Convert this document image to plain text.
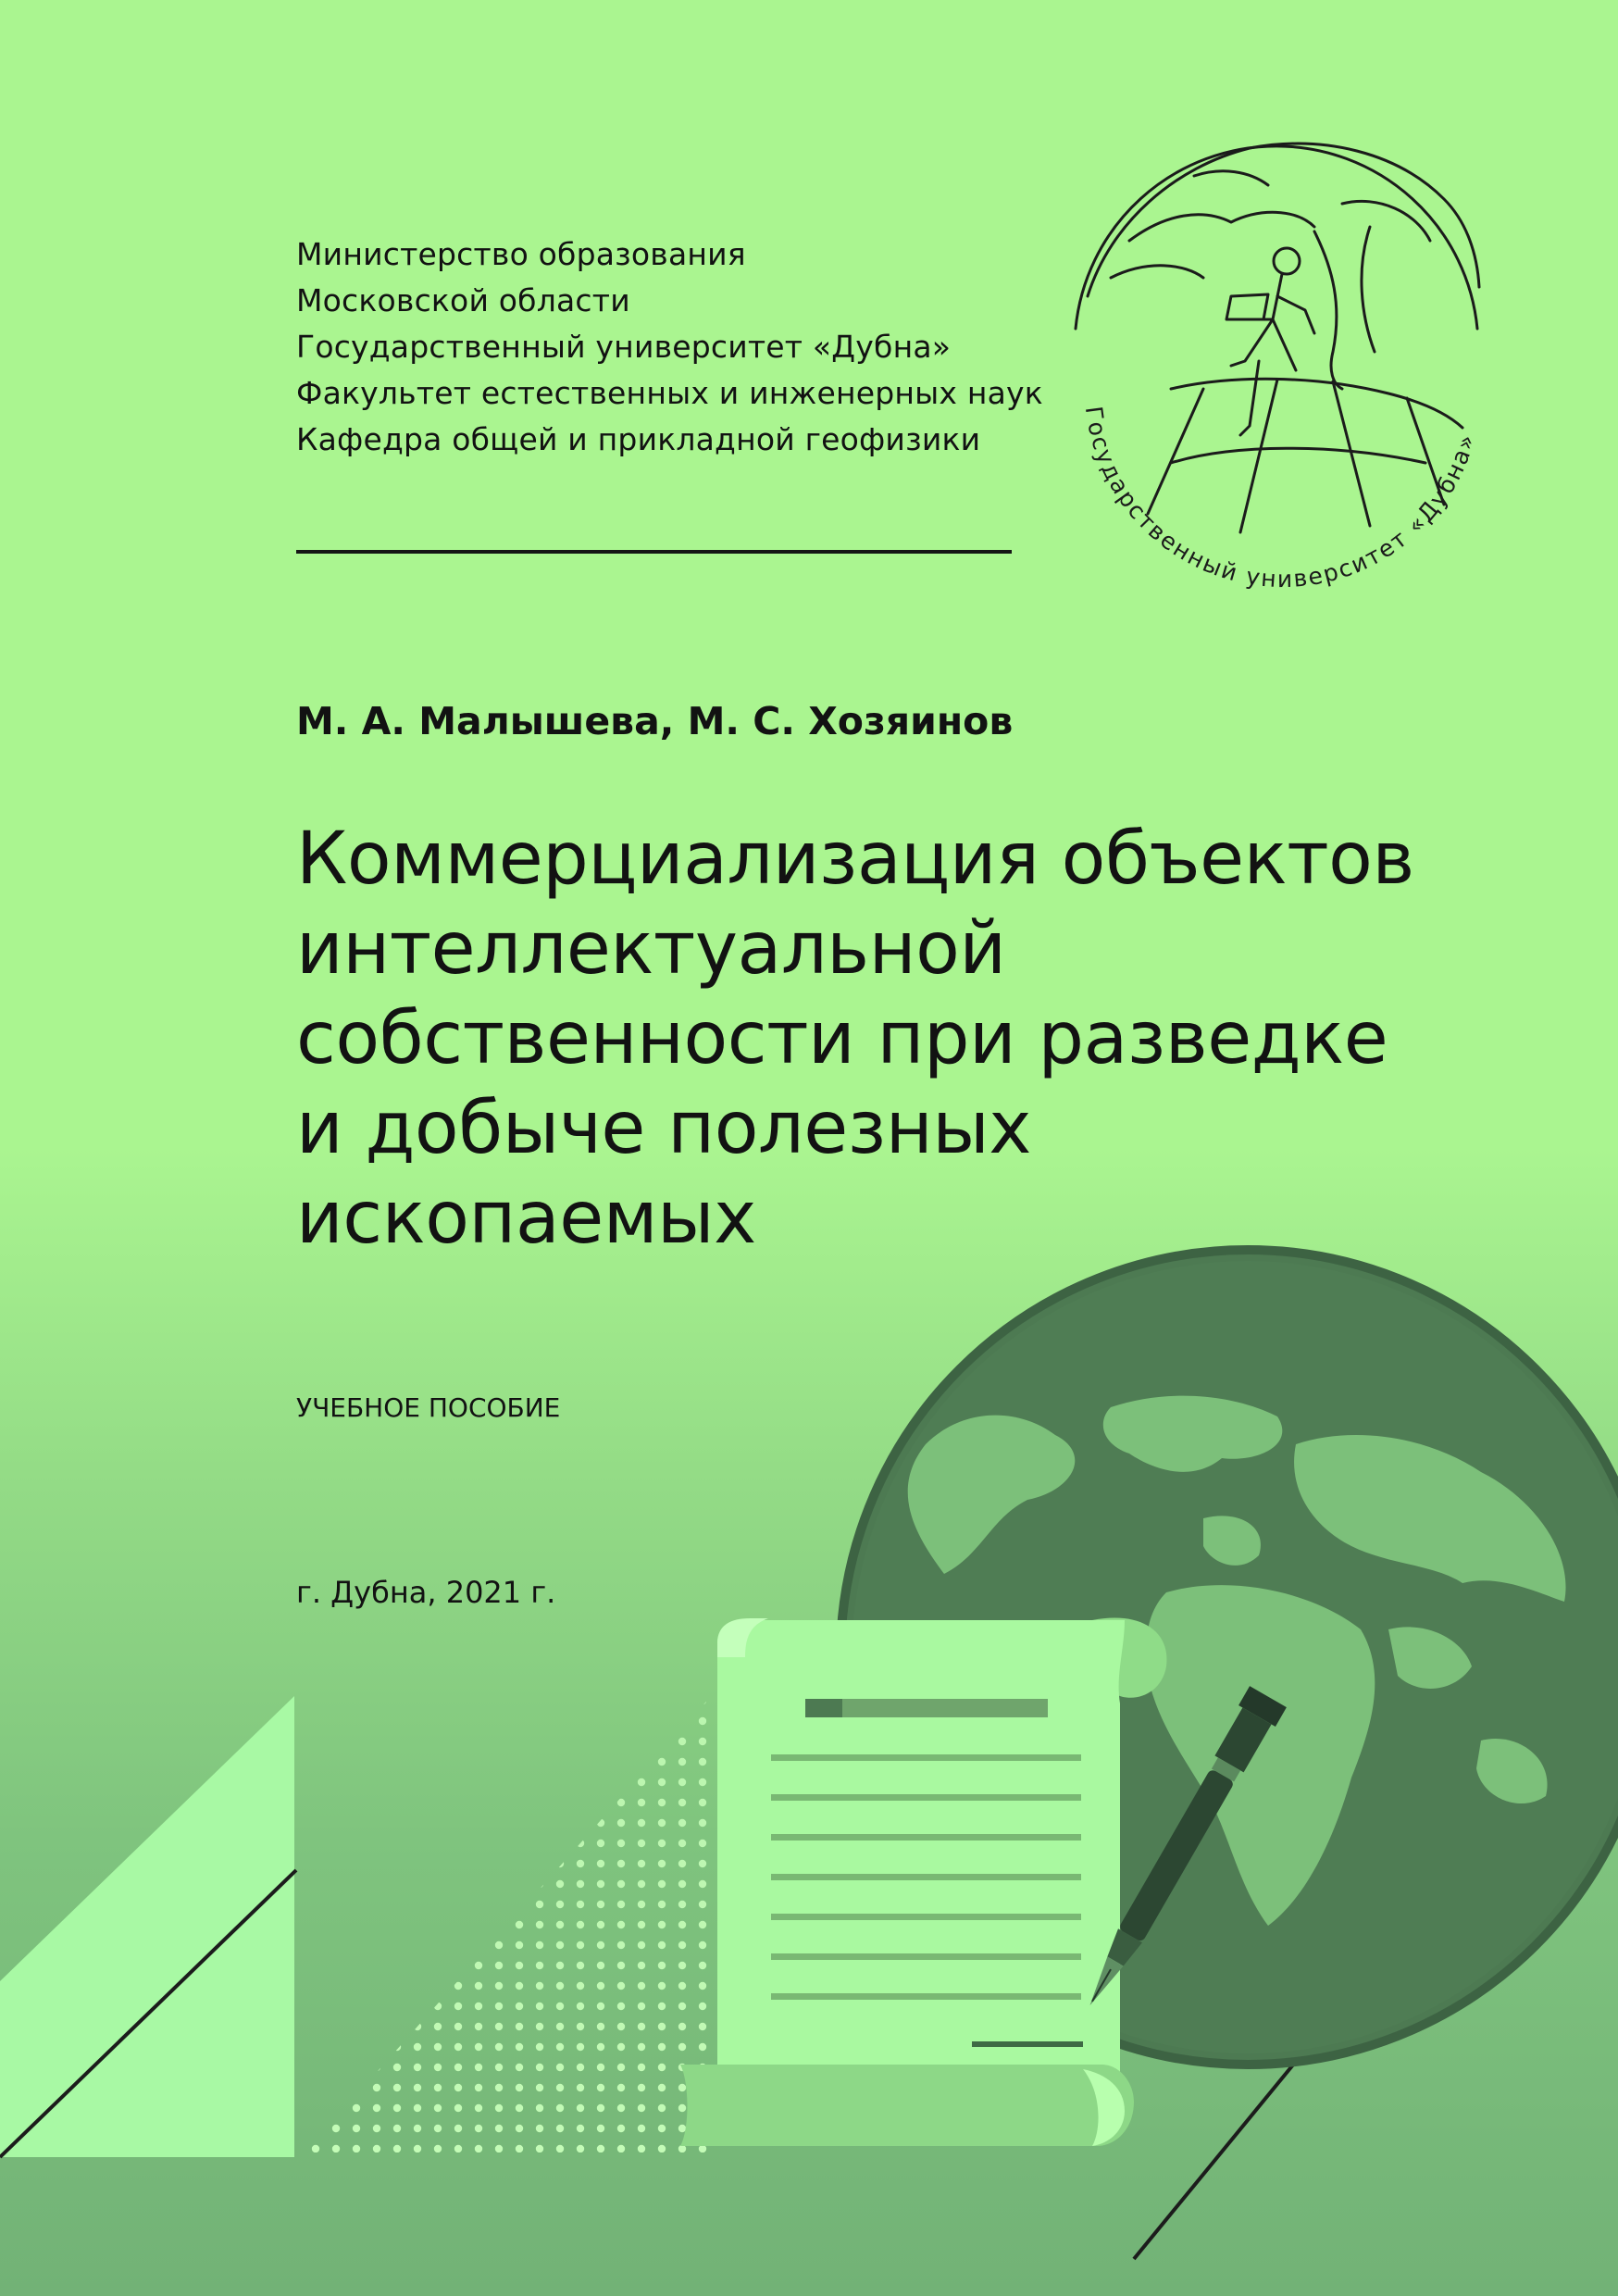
Государственный университет «Дубна»
Министерство образования
Московской области
Государственный университет «Дубна»
Факультет естественных и инженерных наук
Кафедра общей и прикладной геофизики
М. А. Малышева, М. С. Хозяинов
Коммерциализация объектов
интеллектуальной
собственности при разведке
и добыче полезных
ископаемых
УЧЕБНОЕ ПОСОБИЕ
г. Дубна, 2021 г.
